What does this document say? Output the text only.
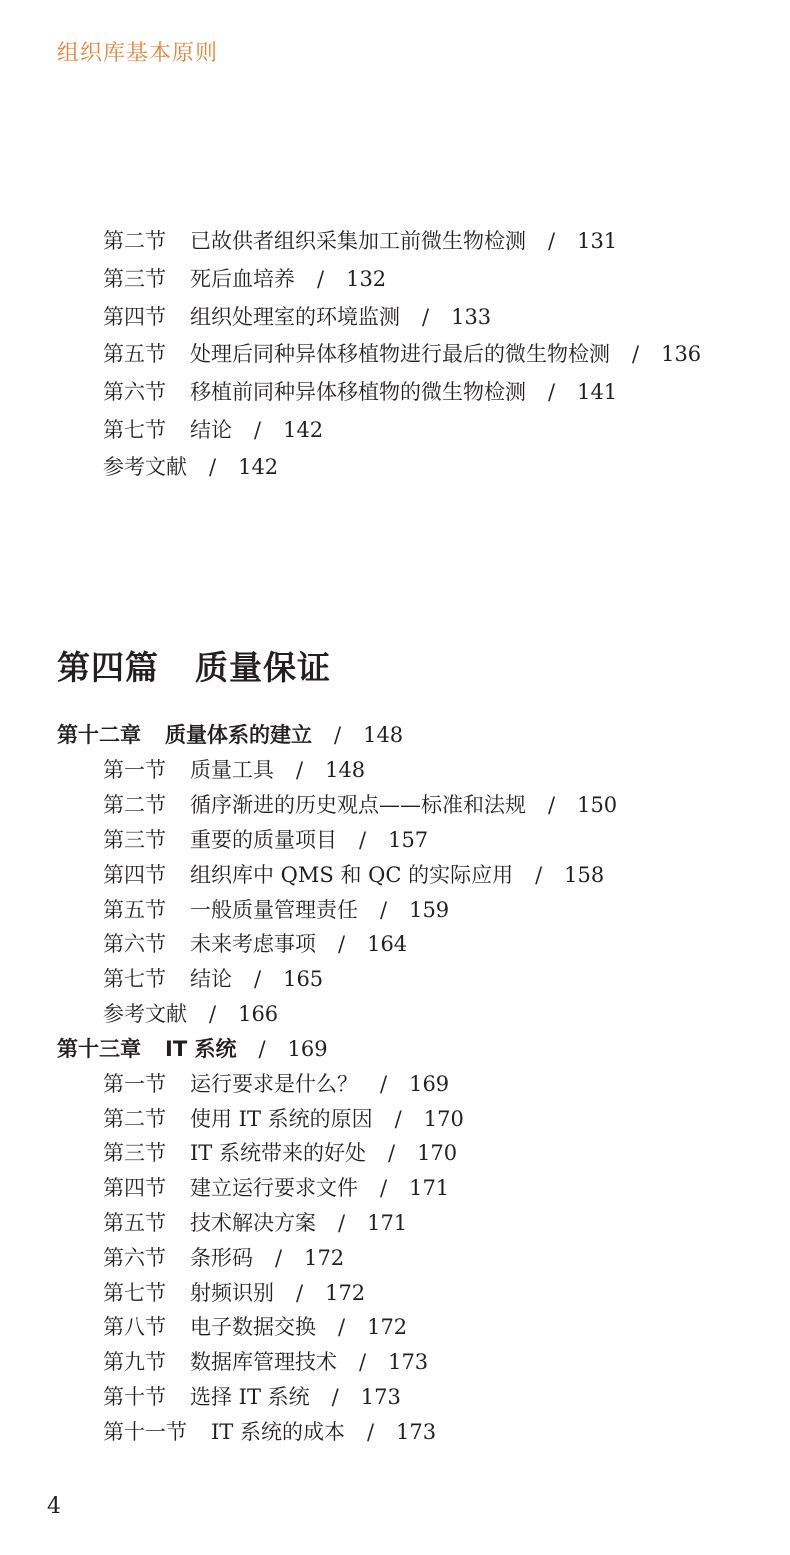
组织库基本原则
第二节 已故供者组织采集加工前微生物检测 / 131
第三节 死后血培养 / 132
第四节 组织处理室的环境监测 / 133
第五节 处理后同种异体移植物进行最后的微生物检测 / 136
第六节 移植前同种异体移植物的微生物检测 / 141
第七节 结论 / 142
参考文献 / 142
第四篇 质量保证
第十二章 质量体系的建立 / 148
第一节 质量工具 / 148
第二节 循序渐进的历史观点——标准和法规 / 150
第三节 重要的质量项目 / 157
第四节 组织库中 QMS 和 QC 的实际应用 / 158
第五节 一般质量管理责任 / 159
第六节 未来考虑事项 / 164
第七节 结论 / 165
参考文献 / 166
第十三章 IT 系统 / 169
第一节 运行要求是什么？ / 169
第二节 使用 IT 系统的原因 / 170
第三节 IT 系统带来的好处 / 170
第四节 建立运行要求文件 / 171
第五节 技术解决方案 / 171
第六节 条形码 / 172
第七节 射频识别 / 172
第八节 电子数据交换 / 172
第九节 数据库管理技术 / 173
第十节 选择 IT 系统 / 173
第十一节 IT 系统的成本 / 173
4
